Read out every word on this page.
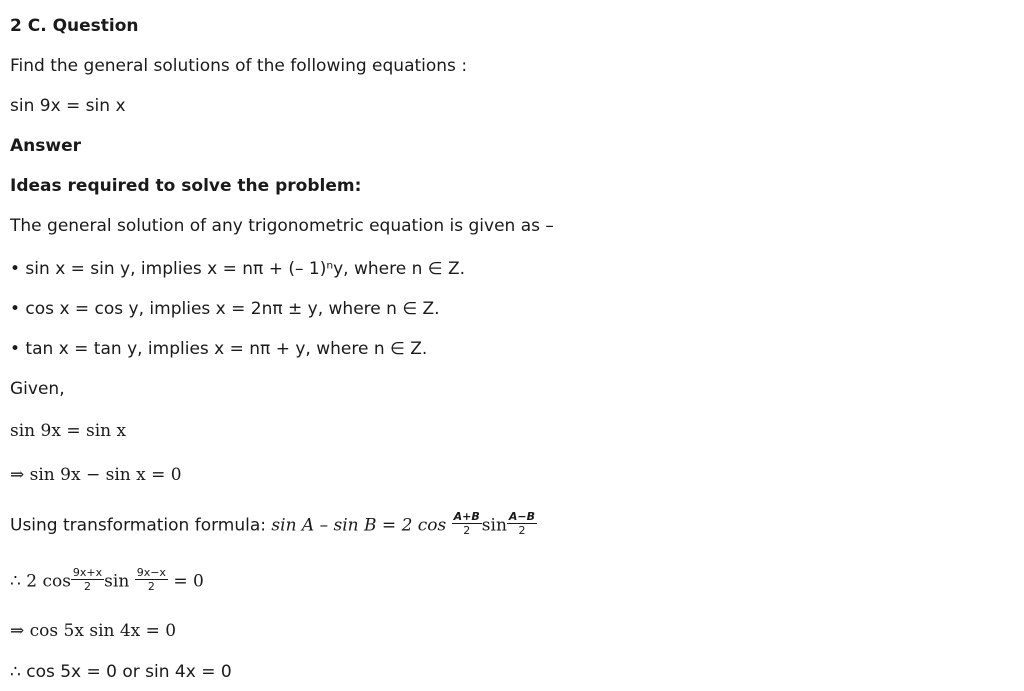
2 C. Question
Find the general solutions of the following equations :
sin 9x = sin x
Answer
Ideas required to solve the problem:
The general solution of any trigonometric equation is given as –
• sin x = sin y, implies x = nπ + (– 1)ⁿy, where n ∈ Z.
• cos x = cos y, implies x = 2nπ ± y, where n ∈ Z.
• tan x = tan y, implies x = nπ + y, where n ∈ Z.
Given,
sin 9x = sin x
⇒ sin 9x − sin x = 0
Using transformation formula: sin A – sin B = 2 $\cos \frac{A+B}{2}$ $\sin \frac{A-B}{2}$
∴ 2 $\cos \frac{9x+x}{2}$ $\sin \frac{9x-x}{2} = 0$
⇒ cos 5x sin 4x = 0
∴ cos 5x = 0 or sin 4x = 0
